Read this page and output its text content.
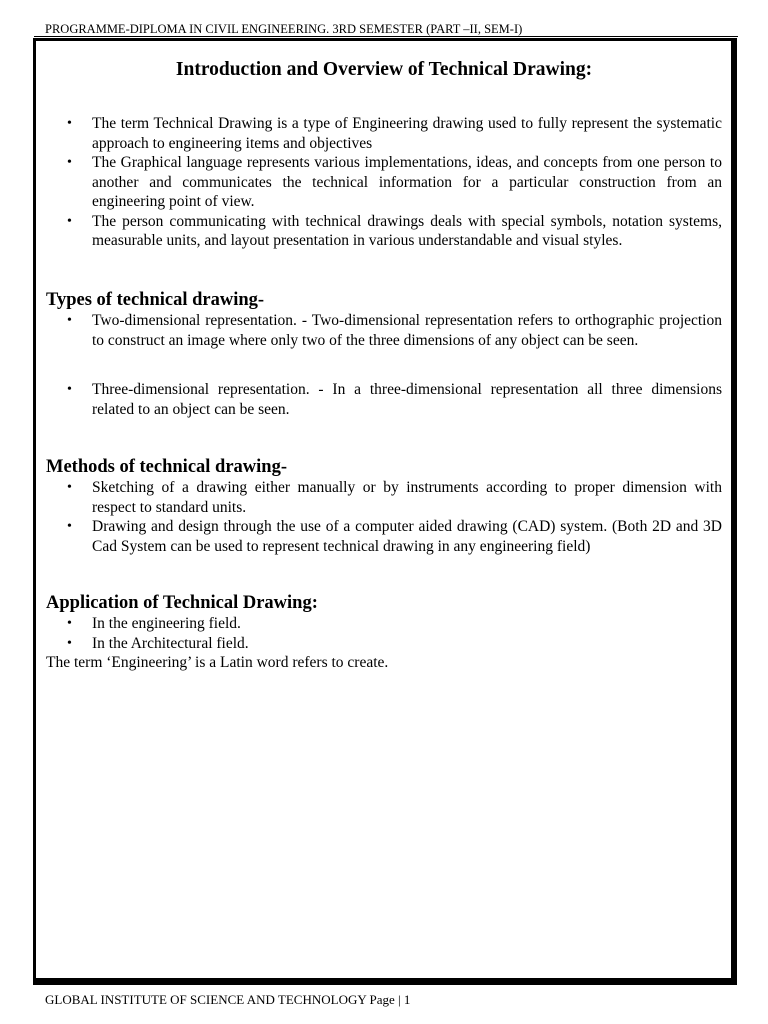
PROGRAMME-DIPLOMA IN CIVIL ENGINEERING. 3RD SEMESTER (PART –II, SEM-I)
Introduction and Overview of Technical Drawing:
• The term Technical Drawing is a type of Engineering drawing used to fully represent the systematic approach to engineering items and objectives
• The Graphical language represents various implementations, ideas, and concepts from one person to another and communicates the technical information for a particular construction from an engineering point of view.
• The person communicating with technical drawings deals with special symbols, notation systems, measurable units, and layout presentation in various understandable and visual styles.
Types of technical drawing-
• Two-dimensional representation. - Two-dimensional representation refers to orthographic projection to construct an image where only two of the three dimensions of any object can be seen.
• Three-dimensional representation. - In a three-dimensional representation all three dimensions related to an object can be seen.
Methods of technical drawing-
• Sketching of a drawing either manually or by instruments according to proper dimension with respect to standard units.
• Drawing and design through the use of a computer aided drawing (CAD) system. (Both 2D and 3D Cad System can be used to represent technical drawing in any engineering field)
Application of Technical Drawing:
• In the engineering field.
• In the Architectural field.
The term ‘Engineering’ is a Latin word refers to create.
GLOBAL INSTITUTE OF SCIENCE AND TECHNOLOGY Page | 1
